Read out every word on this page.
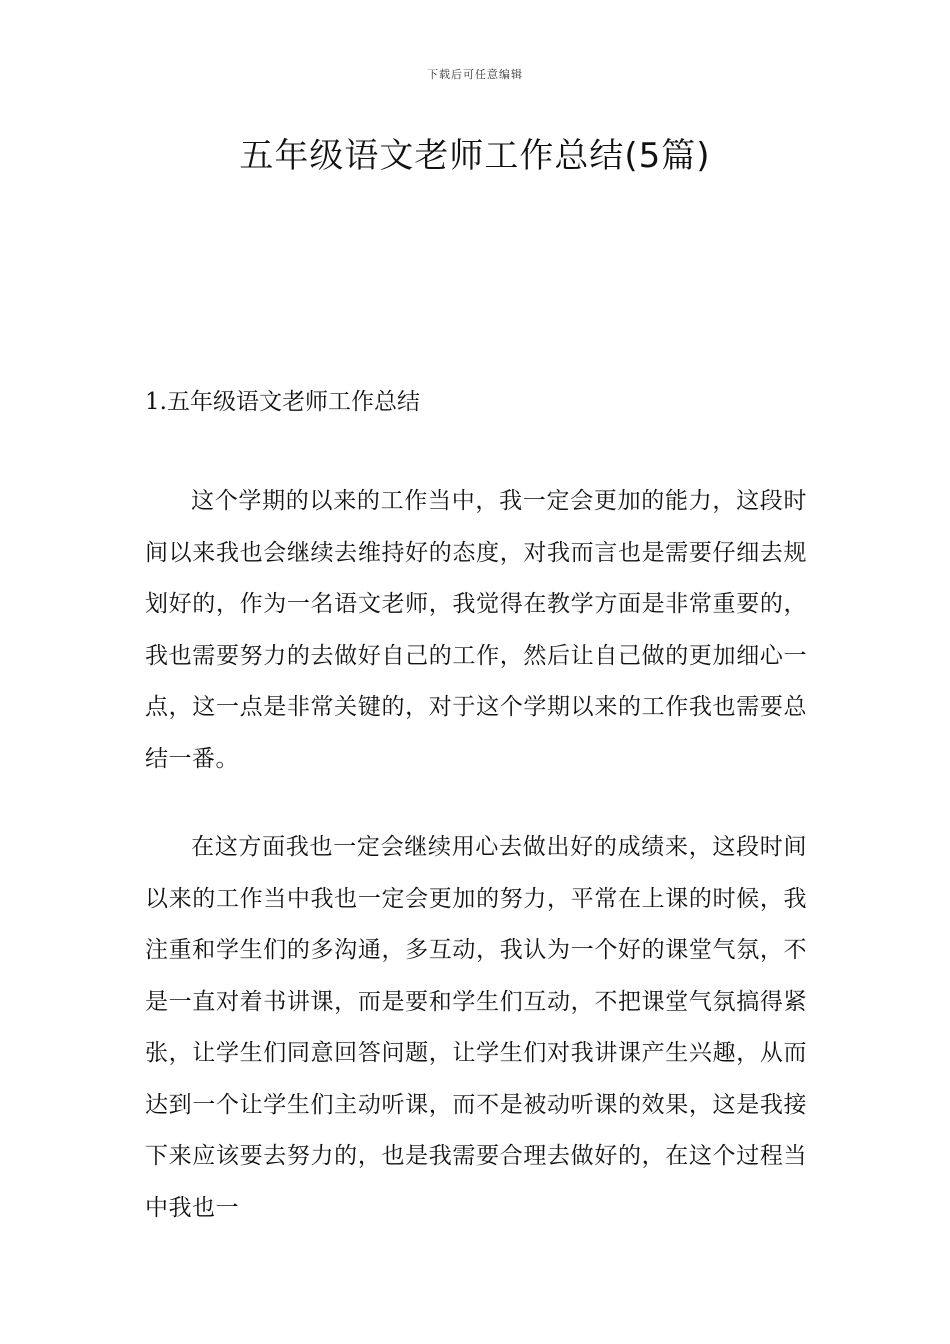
下载后可任意编辑
五年级语文老师工作总结(5篇)
1.五年级语文老师工作总结

这个学期的以来的工作当中，我一定会更加的能力，这段时间以来我也会继续去维持好的态度，对我而言也是需要仔细去规划好的，作为一名语文老师，我觉得在教学方面是非常重要的，我也需要努力的去做好自己的工作，然后让自己做的更加细心一点，这一点是非常关键的，对于这个学期以来的工作我也需要总结一番。

在这方面我也一定会继续用心去做出好的成绩来，这段时间以来的工作当中我也一定会更加的努力，平常在上课的时候，我注重和学生们的多沟通，多互动，我认为一个好的课堂气氛，不是一直对着书讲课，而是要和学生们互动，不把课堂气氛搞得紧张，让学生们同意回答问题，让学生们对我讲课产生兴趣，从而达到一个让学生们主动听课，而不是被动听课的效果，这是我接下来应该要去努力的，也是我需要合理去做好的，在这个过程当中我也一
